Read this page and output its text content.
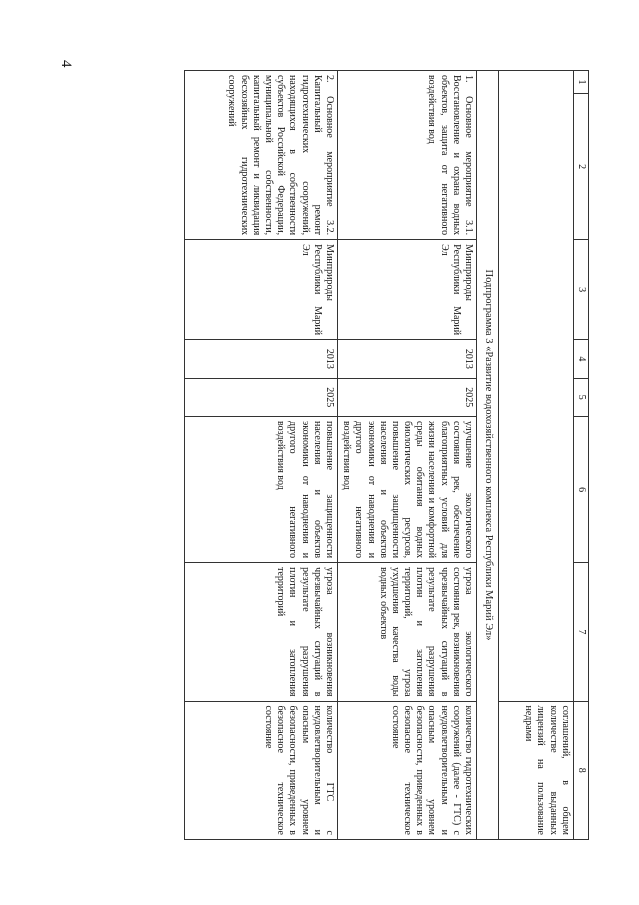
4
1	2	3	4	5	6	7	8
							соглашений, в общем количестве выданных лицензий на пользование недрами
Подпрограмма 3 «Развитие водохозяйственного комплекса Республики Марий Эл»							
1. Основное мероприятие 3.1. Восстановление и охрана водных объектов, защита от негативного воздействия вод		Минприроды Республики Марий Эл	2013	2025	улучшение экологического состояния рек, обеспечение благоприятных условий для жизни населения и комфортной среды обитания водных биологических ресурсов, повышение защищенности населения и объектов экономики от наводнения и другого негативного воздействия вод	угроза экологического состояния рек, возникновения чрезвычайных ситуаций в результате разрушения плотин и затопления территорий, угроза ухудшения качества воды водных объектов	количество гидротехнических сооружений (далее - ГТС) с неудовлетворительным и опасным уровнем безопасности, приведенных в безопасное техническое состояние
2. Основное мероприятие 3.2. Капитальный ремонт гидротехнических сооружений, находящихся в собственности субъектов Российской Федерации, муниципальной собственности, капитальный ремонт и ликвидация бесхозяйных гидротехнических сооружений		Минприроды Республики Марий Эл	2013	2025	повышение защищенности населения и объектов экономики от наводнения и другого негативного воздействия вод	угроза возникновения чрезвычайных ситуаций в результате разрушения плотин и затопления территорий	количество ГТС с неудовлетворительным и опасным уровнем безопасности, приведенных в безопасное техническое состояние
